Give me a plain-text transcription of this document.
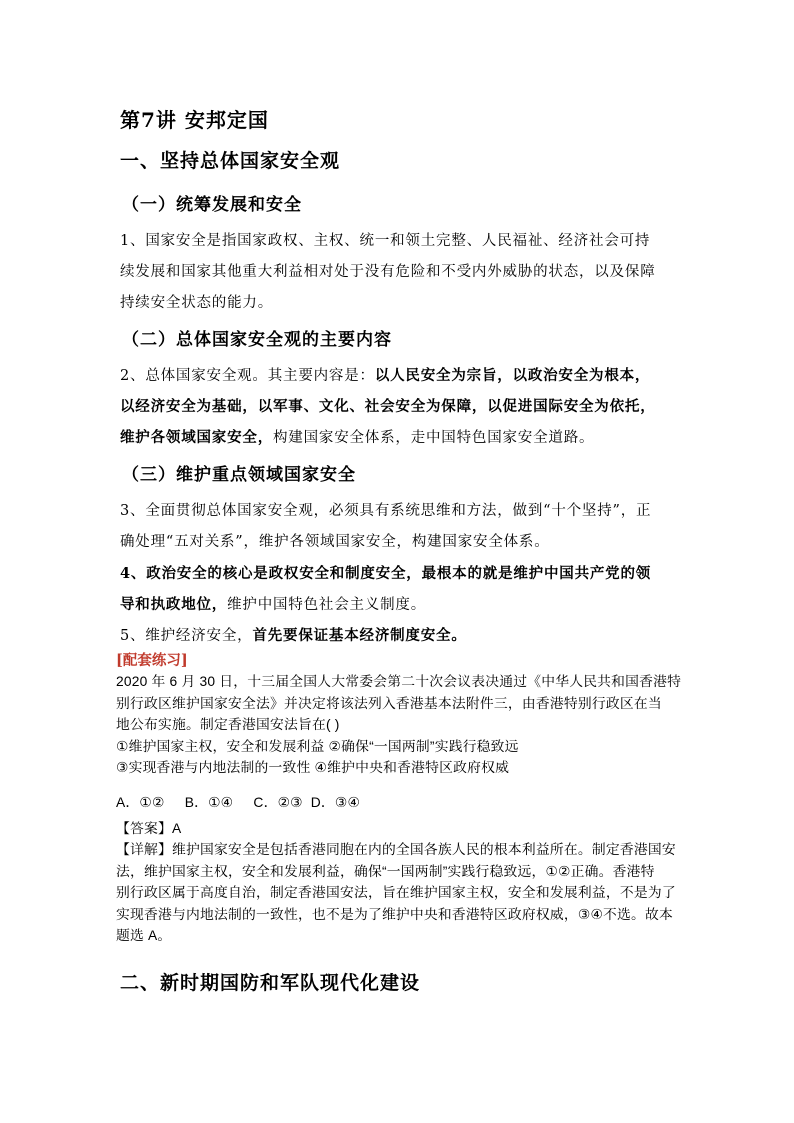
第7讲 安邦定国
一、坚持总体国家安全观
（一）统筹发展和安全
1、国家安全是指国家政权、主权、统一和领土完整、人民福祉、经济社会可持
续发展和国家其他重大利益相对处于没有危险和不受内外威胁的状态，以及保障
持续安全状态的能力。
（二）总体国家安全观的主要内容
2、总体国家安全观。其主要内容是：以人民安全为宗旨，以政治安全为根本，
以经济安全为基础，以军事、文化、社会安全为保障，以促进国际安全为依托，
维护各领域国家安全，构建国家安全体系，走中国特色国家安全道路。
（三）维护重点领域国家安全
3、全面贯彻总体国家安全观，必须具有系统思维和方法，做到“十个坚持”，正
确处理“五对关系”，维护各领域国家安全，构建国家安全体系。
4、政治安全的核心是政权安全和制度安全，最根本的就是维护中国共产党的领
导和执政地位，维护中国特色社会主义制度。
5、维护经济安全，首先要保证基本经济制度安全。
[配套练习]
2020 年 6 月 30 日，十三届全国人大常委会第二十次会议表决通过《中华人民共和国香港特
别行政区维护国家安全法》并决定将该法列入香港基本法附件三，由香港特别行政区在当
地公布实施。制定香港国安法旨在( )
①维护国家主权，安全和发展利益 ②确保“一国两制”实践行稳致远
③实现香港与内地法制的一致性 ④维护中央和香港特区政府权威
A．①②     B．①④     C．②③  D．③④
【答案】A
【详解】维护国家安全是包括香港同胞在内的全国各族人民的根本利益所在。制定香港国安
法，维护国家主权，安全和发展利益，确保“一国两制”实践行稳致远，①②正确。香港特
别行政区属于高度自治，制定香港国安法，旨在维护国家主权，安全和发展利益，不是为了
实现香港与内地法制的一致性，也不是为了维护中央和香港特区政府权威，③④不选。故本
题选 A。
二、新时期国防和军队现代化建设
